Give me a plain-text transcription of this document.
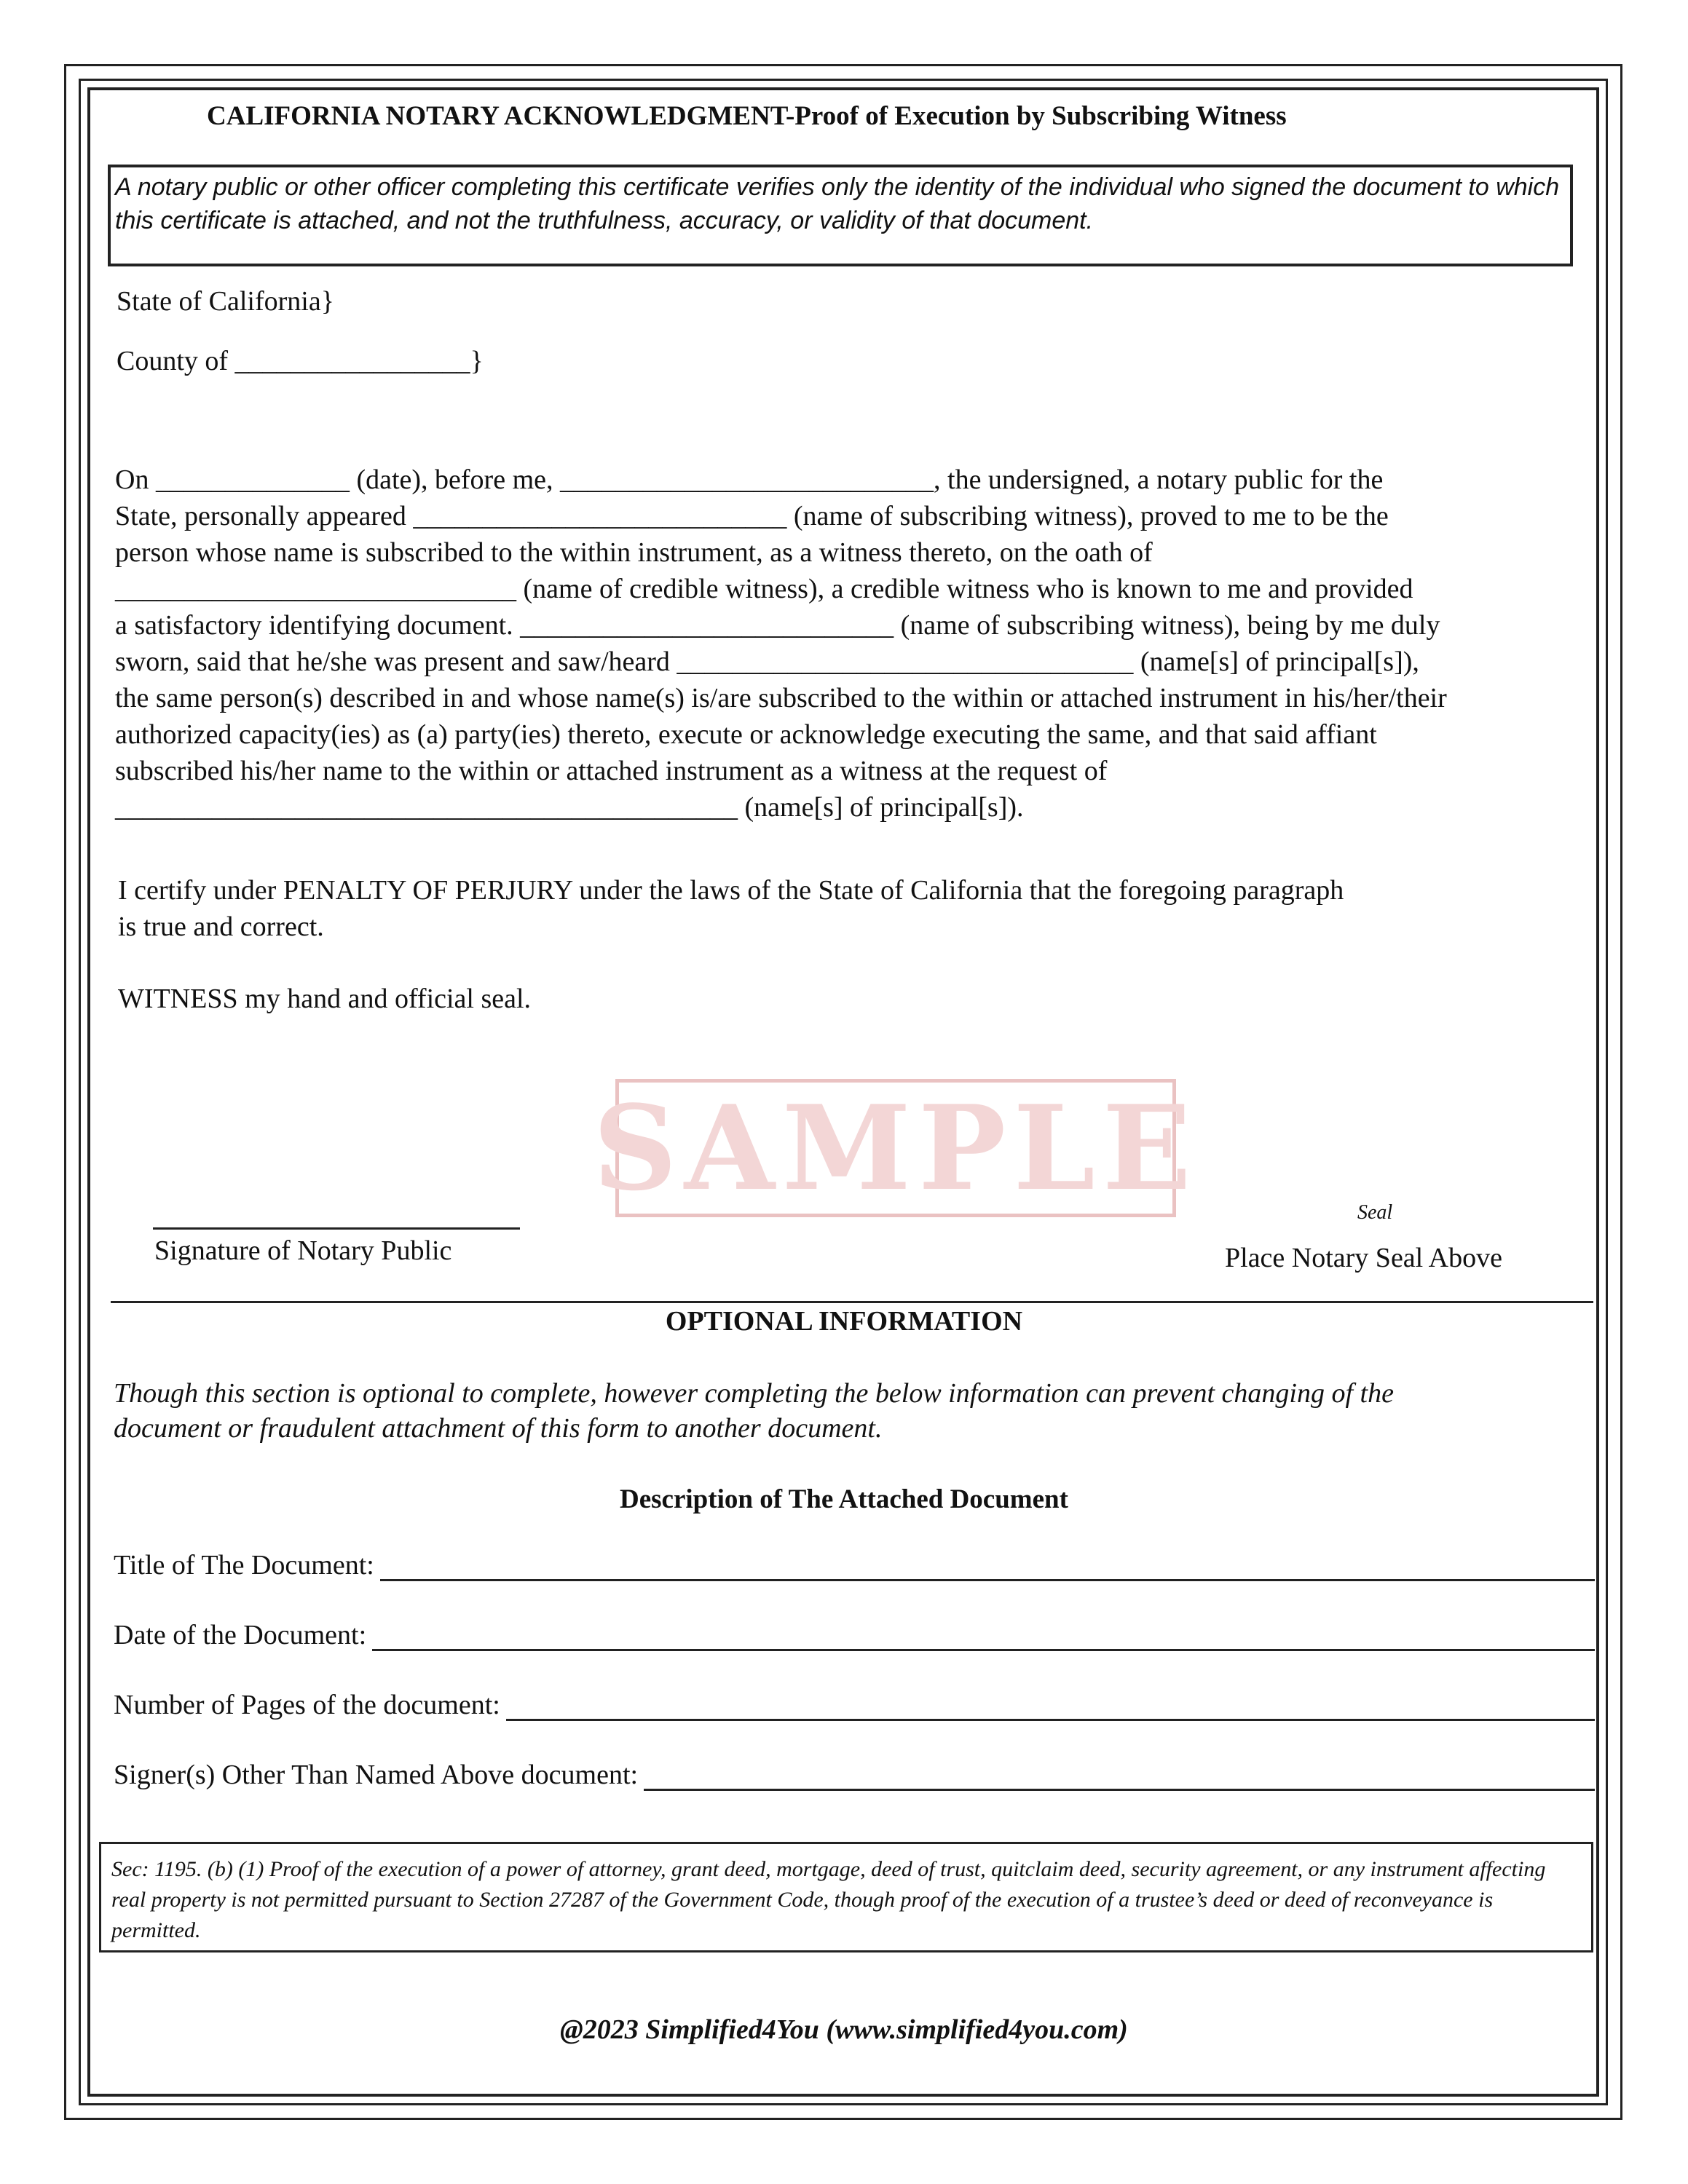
CALIFORNIA NOTARY ACKNOWLEDGMENT-Proof of Execution by Subscribing Witness
A notary public or other officer completing this certificate verifies only the identity of the individual who signed the document to which this certificate is attached, and not the truthfulness, accuracy, or validity of that document.
State of California}
County of _________________}
On ______________ (date), before me, ___________________________, the undersigned, a notary public for the
State, personally appeared ___________________________ (name of subscribing witness), proved to me to be the
person whose name is subscribed to the within instrument, as a witness thereto, on the oath of
_____________________________ (name of credible witness), a credible witness who is known to me and provided
a satisfactory identifying document. ___________________________ (name of subscribing witness), being by me duly
sworn, said that he/she was present and saw/heard _________________________________ (name[s] of principal[s]),
the same person(s) described in and whose name(s) is/are subscribed to the within or attached instrument in his/her/their
authorized capacity(ies) as (a) party(ies) thereto, execute or acknowledge executing the same, and that said affiant
subscribed his/her name to the within or attached instrument as a witness at the request of
_____________________________________________ (name[s] of principal[s]).
I certify under PENALTY OF PERJURY under the laws of the State of California that the foregoing paragraph
is true and correct.
WITNESS my hand and official seal.
SAMPLE
Signature of Notary Public
Seal
Place Notary Seal Above
OPTIONAL INFORMATION
Though this section is optional to complete, however completing the below information can prevent changing of the
document or fraudulent attachment of this form to another document.
Description of The Attached Document
Title of The Document:
Date of the Document:
Number of Pages of the document:
Signer(s) Other Than Named Above document:
Sec: 1195. (b) (1) Proof of the execution of a power of attorney, grant deed, mortgage, deed of trust, quitclaim deed, security agreement, or any instrument affecting real property is not permitted pursuant to Section 27287 of the Government Code, though proof of the execution of a trustee’s deed or deed of reconveyance is permitted.
@2023 Simplified4You (www.simplified4you.com)
